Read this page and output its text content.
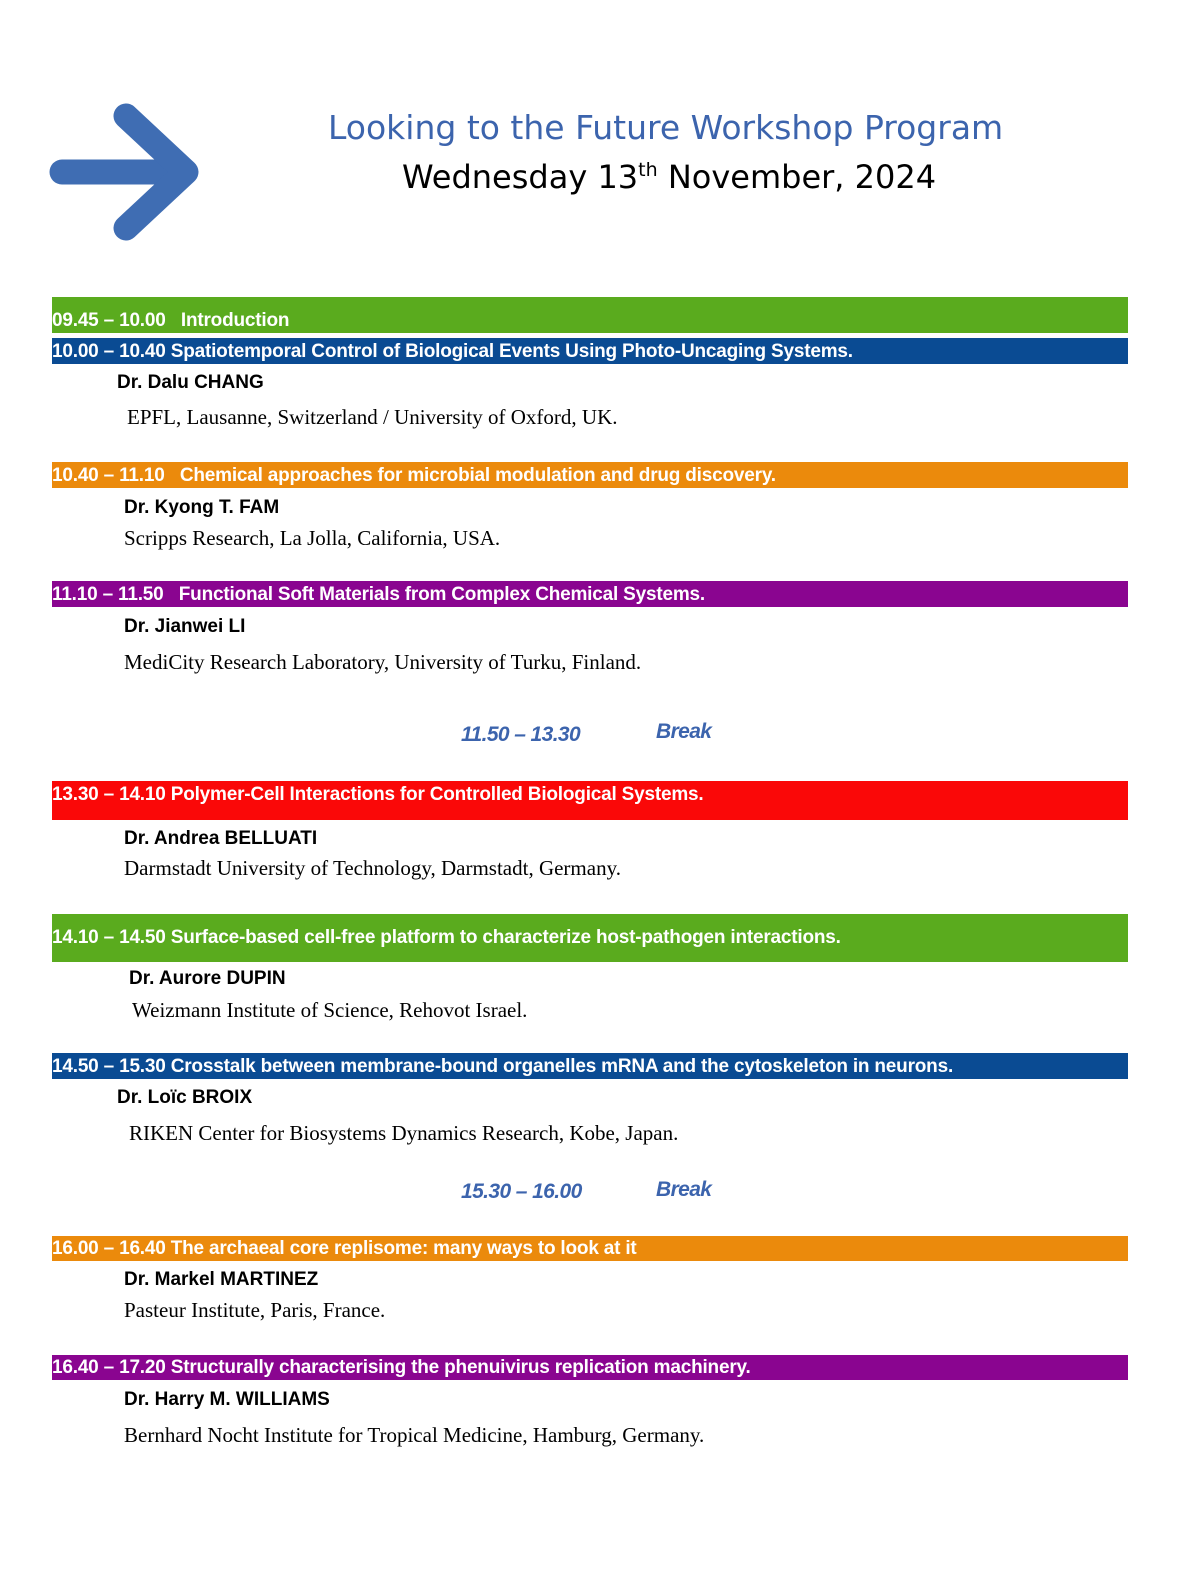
Looking to the Future Workshop Program
Wednesday 13th November, 2024
09.45 – 10.00
Introduction
10.00 – 10.40
Spatiotemporal Control of Biological Events Using Photo-Uncaging Systems.
Dr. Dalu CHANG
EPFL, Lausanne, Switzerland / University of Oxford, UK.
10.40 – 11.10
Chemical approaches for microbial modulation and drug discovery.
Dr. Kyong T. FAM
Scripps Research, La Jolla, California, USA.
11.10 – 11.50
Functional Soft Materials from Complex Chemical Systems.
Dr. Jianwei LI
MediCity Research Laboratory, University of Turku, Finland.
11.50 – 13.30	Break
13.30 – 14.10
Polymer-Cell Interactions for Controlled Biological Systems.
Dr. Andrea BELLUATI
Darmstadt University of Technology, Darmstadt, Germany.
14.10 – 14.50
Surface-based cell-free platform to characterize host-pathogen interactions.
Dr. Aurore DUPIN
Weizmann Institute of Science, Rehovot Israel.
14.50 – 15.30
Crosstalk between membrane-bound organelles mRNA and the cytoskeleton in neurons.
Dr. Loïc BROIX
RIKEN Center for Biosystems Dynamics Research, Kobe, Japan.
15.30 – 16.00	Break
16.00 – 16.40
The archaeal core replisome: many ways to look at it
Dr. Markel MARTINEZ
Pasteur Institute, Paris, France.
16.40 – 17.20
Structurally characterising the phenuivirus replication machinery.
Dr. Harry M. WILLIAMS
Bernhard Nocht Institute for Tropical Medicine, Hamburg, Germany.
